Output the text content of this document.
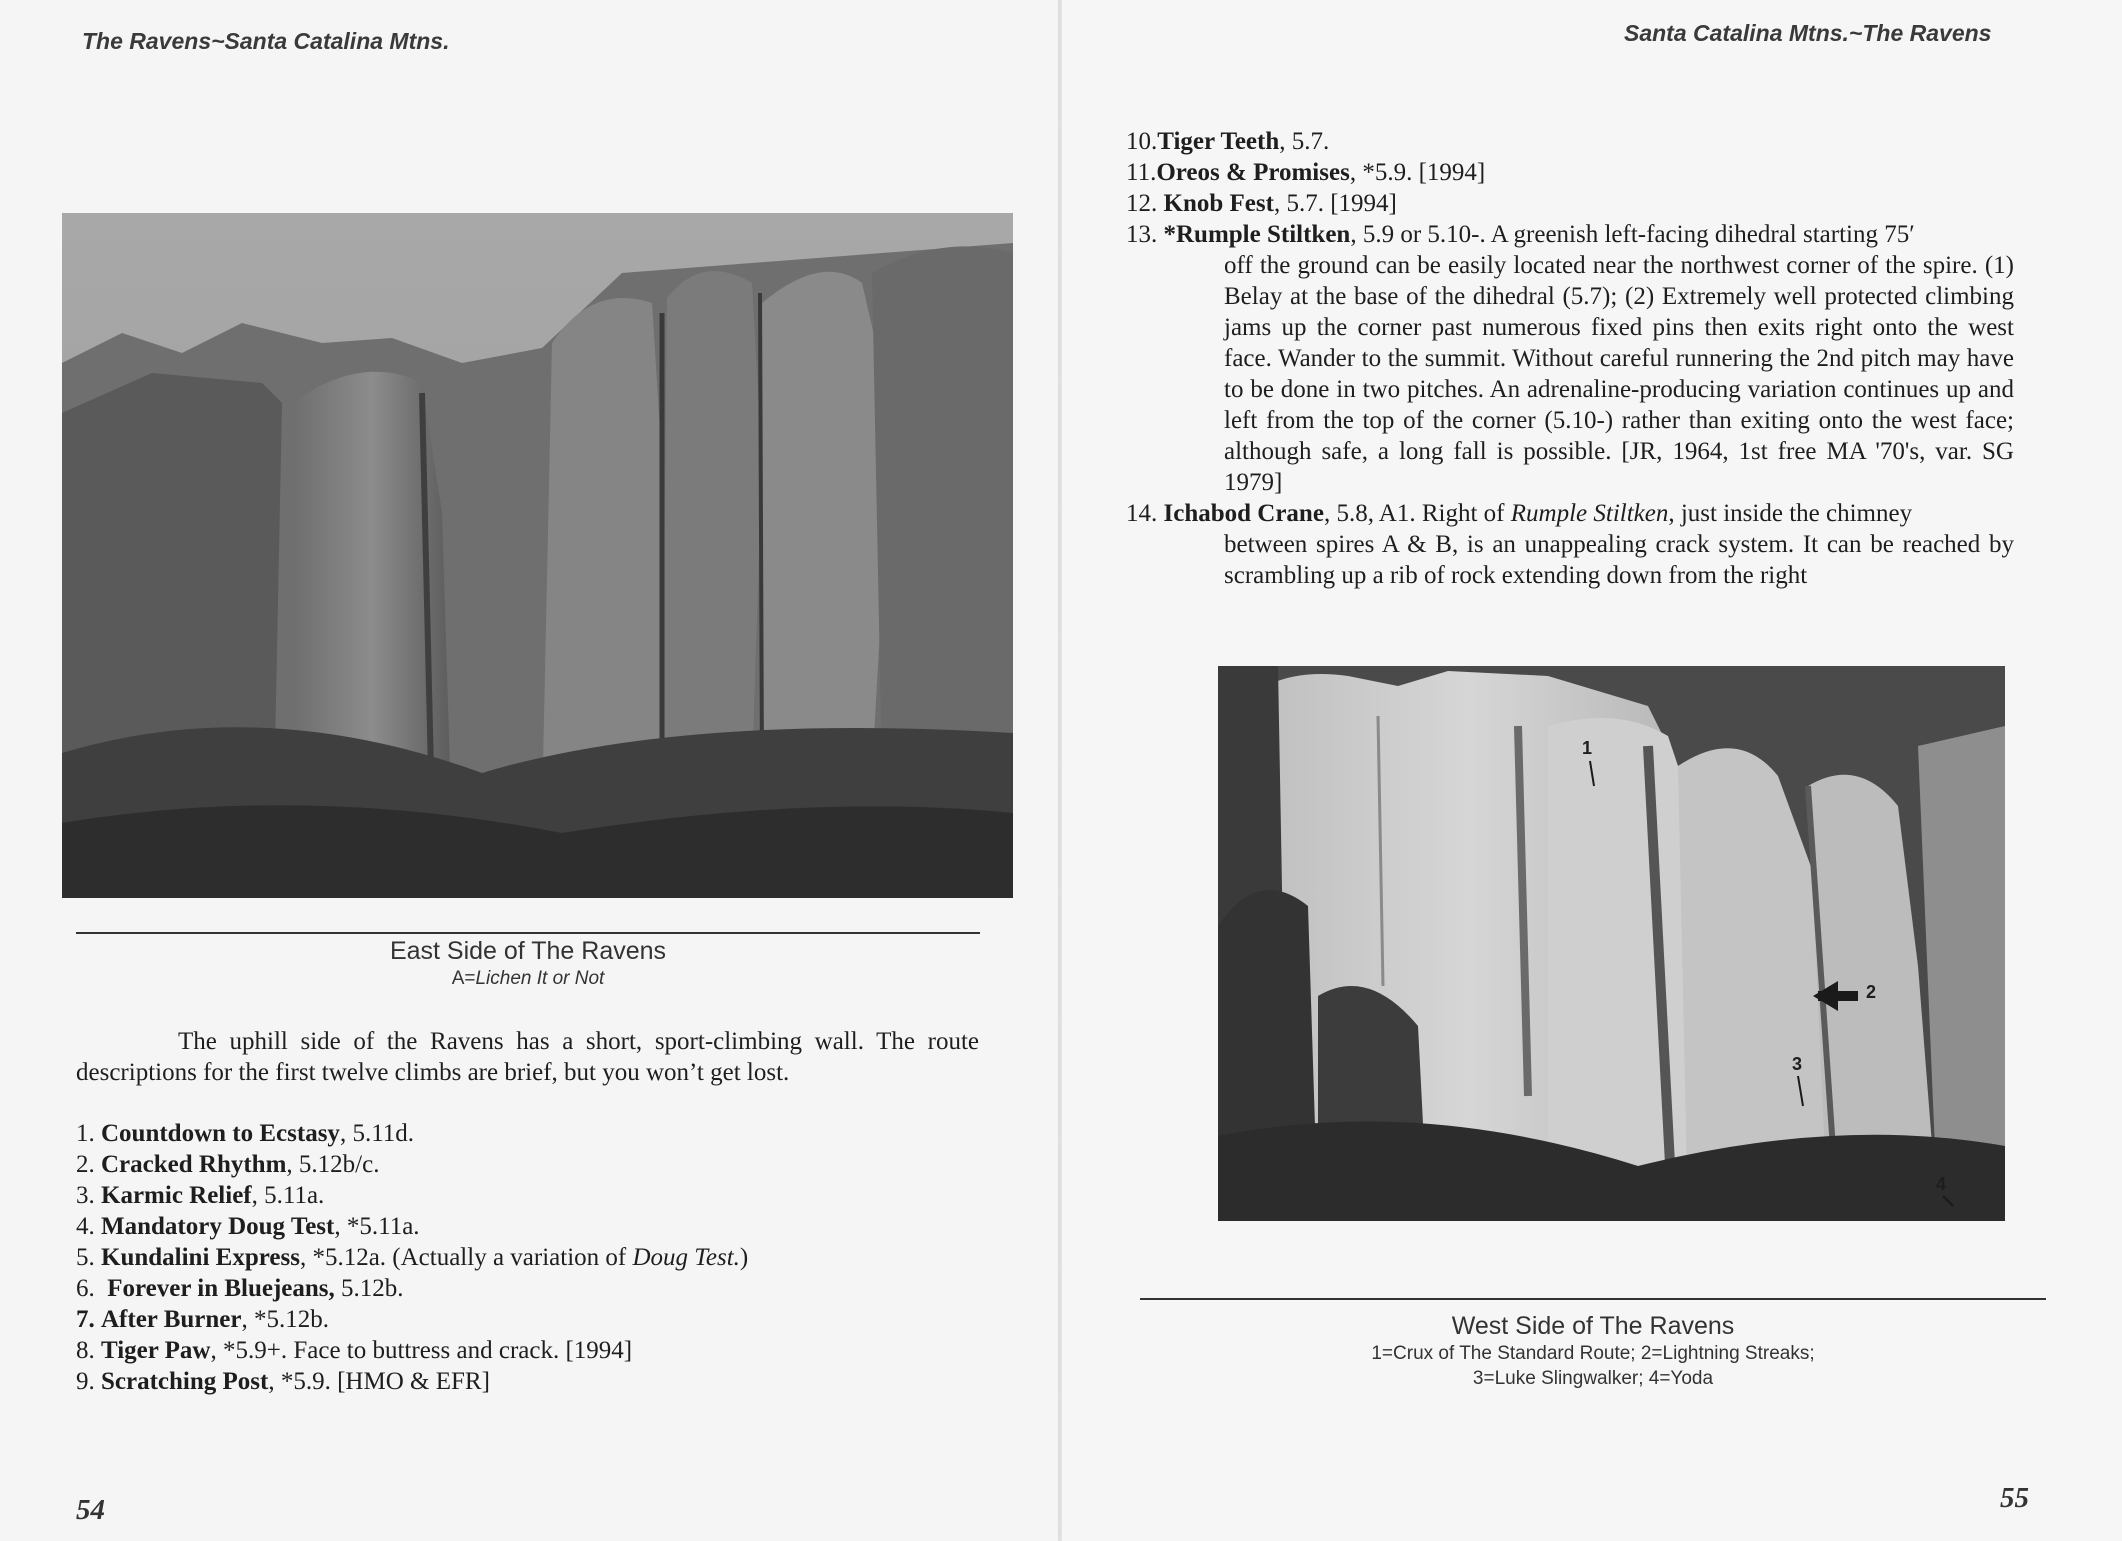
The Ravens~Santa Catalina Mtns.
East Side of The Ravens
A=Lichen It or Not

The uphill side of the Ravens has a short, sport-climbing wall. The route descriptions for the first twelve climbs are brief, but you won’t get lost.

1. Countdown to Ecstasy, 5.11d.
2. Cracked Rhythm, 5.12b/c.
3. Karmic Relief, 5.11a.
4. Mandatory Doug Test, *5.11a.
5. Kundalini Express, *5.12a. (Actually a variation of Doug Test.)
6. Forever in Bluejeans, 5.12b.
7. After Burner, *5.12b.
8. Tiger Paw, *5.9+. Face to buttress and crack. [1994]
9. Scratching Post, *5.9. [HMO & EFR]
54
Santa Catalina Mtns.~The Ravens
10.Tiger Teeth, 5.7.
11.Oreos & Promises, *5.9. [1994]
12. Knob Fest, 5.7. [1994]
13. *Rumple Stiltken, 5.9 or 5.10-. A greenish left-facing dihedral starting 75′
off the ground can be easily located near the northwest corner of the spire. (1) Belay at the base of the dihedral (5.7); (2) Extremely well protected climbing jams up the corner past numerous fixed pins then exits right onto the west face. Wander to the summit. Without careful runnering the 2nd pitch may have to be done in two pitches. An adrenaline-producing variation continues up and left from the top of the corner (5.10-) rather than exiting onto the west face; although safe, a long fall is possible. [JR, 1964, 1st free MA '70's, var. SG 1979]
14. Ichabod Crane, 5.8, A1. Right of Rumple Stiltken, just inside the chimney
between spires A & B, is an unappealing crack system. It can be reached by scrambling up a rib of rock extending down from the right
1
2
3
4
West Side of The Ravens
1=Crux of The Standard Route; 2=Lightning Streaks;
3=Luke Slingwalker; 4=Yoda
55
